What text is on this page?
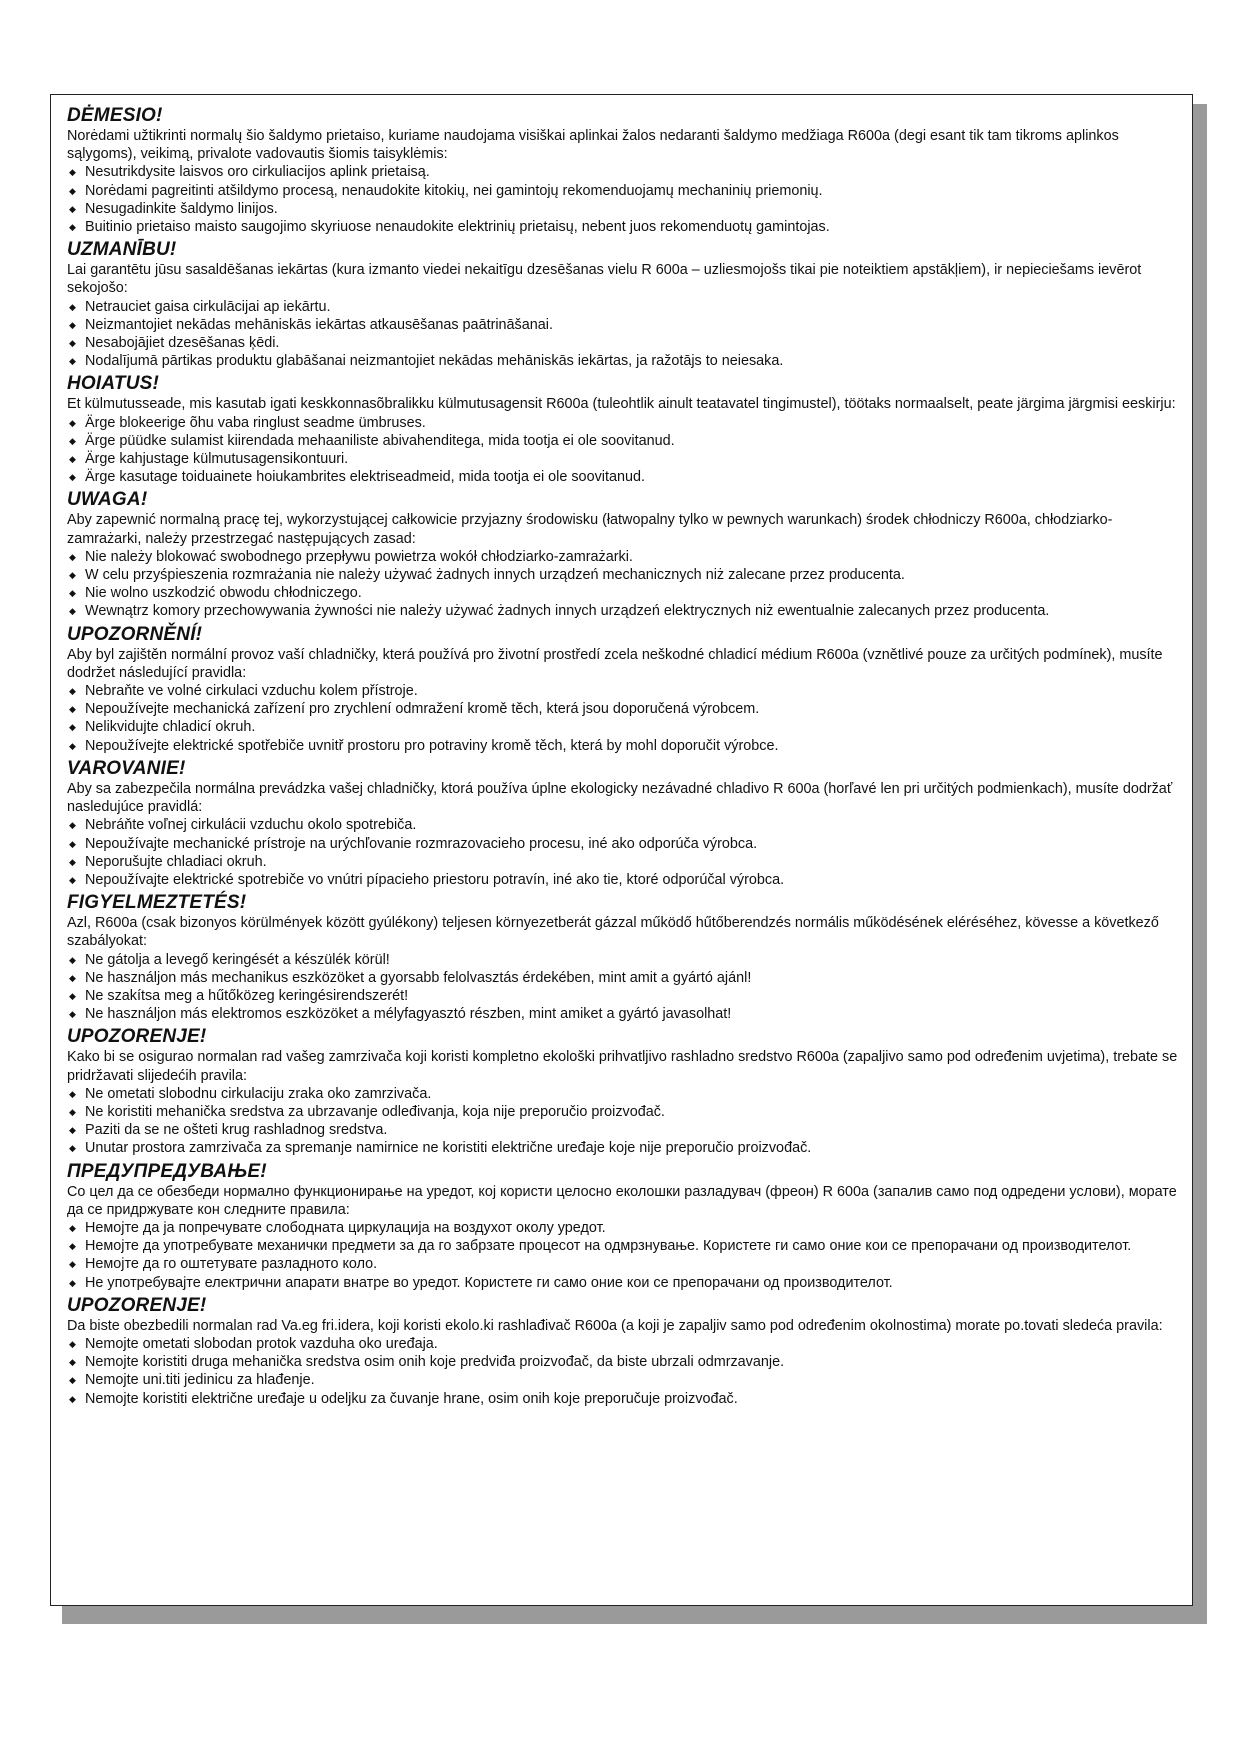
DĖMESIO!

Norėdami užtikrinti normalų šio šaldymo prietaiso, kuriame naudojama visiškai aplinkai žalos nedaranti šaldymo medžiaga R600a (degi esant tik tam tikroms aplinkos sąlygoms), veikimą, privalote vadovautis šiomis taisyklėmis:

◆ Nesutrikdysite laisvos oro cirkuliacijos aplink prietaisą.
◆ Norėdami pagreitinti atšildymo procesą, nenaudokite kitokių, nei gamintojų rekomenduojamų mechaninių priemonių.
◆ Nesugadinkite šaldymo linijos.
◆ Buitinio prietaiso maisto saugojimo skyriuose nenaudokite elektrinių prietaisų, nebent juos rekomenduotų gamintojas.
UZMANĪBU!

Lai garantētu jūsu sasaldēšanas iekārtas (kura izmanto viedei nekaitīgu dzesēšanas vielu R 600a – uzliesmojošs tikai pie noteiktiem apstākļiem), ir nepieciešams ievērot sekojošo:

◆ Netrauciet gaisa cirkulācijai ap iekārtu.
◆ Neizmantojiet nekādas mehāniskās iekārtas atkausēšanas paātrināšanai.
◆ Nesabojājiet dzesēšanas ķēdi.
◆ Nodalījumā pārtikas produktu glabāšanai neizmantojiet nekādas mehāniskās iekārtas, ja ražotājs to neiesaka.
HOIATUS!

Et külmutusseade, mis kasutab igati keskkonnasõbralikku külmutusagensit R600a (tuleohtlik ainult teatavatel tingimustel), töötaks normaalselt, peate järgima järgmisi eeskirju:

◆ Ärge blokeerige õhu vaba ringlust seadme ümbruses.
◆ Ärge püüdke sulamist kiirendada mehaaniliste abivahenditega, mida tootja ei ole soovitanud.
◆ Ärge kahjustage külmutusagensikontuuri.
◆ Ärge kasutage toiduainete hoiukambrites elektriseadmeid, mida tootja ei ole soovitanud.
UWAGA!

Aby zapewnić normalną pracę tej, wykorzystującej całkowicie przyjazny środowisku (łatwopalny tylko w pewnych warunkach) środek chłodniczy R600a, chłodziarko-zamrażarki, należy przestrzegać następujących zasad:

◆ Nie należy blokować swobodnego przepływu powietrza wokół chłodziarko-zamrażarki.
◆ W celu przyśpieszenia rozmrażania nie należy używać żadnych innych urządzeń mechanicznych niż zalecane przez producenta.
◆ Nie wolno uszkodzić obwodu chłodniczego.
◆ Wewnątrz komory przechowywania żywności nie należy używać żadnych innych urządzeń elektrycznych niż ewentualnie zalecanych przez producenta.
UPOZORNĚNÍ!

Aby byl zajištěn normální provoz vaší chladničky, která používá pro životní prostředí zcela neškodné chladicí médium R600a (vznětlivé pouze za určitých podmínek), musíte dodržet následující pravidla:

◆ Nebraňte ve volné cirkulaci vzduchu kolem přístroje.
◆ Nepoužívejte mechanická zařízení pro zrychlení odmražení kromě těch, která jsou doporučená výrobcem.
◆ Nelikvidujte chladicí okruh.
◆ Nepoužívejte elektrické spotřebiče uvnitř prostoru pro potraviny kromě těch, která by mohl doporučit výrobce.
VAROVANIE!

Aby sa zabezpečila normálna prevádzka vašej chladničky, ktorá používa úplne ekologicky nezávadné chladivo R 600a (horľavé len pri určitých podmienkach), musíte dodržať nasledujúce pravidlá:

◆ Nebráňte voľnej cirkulácii vzduchu okolo spotrebiča.
◆ Nepoužívajte mechanické prístroje na urýchľovanie rozmrazovacieho procesu, iné ako odporúča výrobca.
◆ Neporušujte chladiaci okruh.
◆ Nepoužívajte elektrické spotrebiče vo vnútri pípacieho priestoru potravín, iné ako tie, ktoré odporúčal výrobca.
FIGYELMEZTETÉS!

Azl, R600a (csak bizonyos körülmények között gyúlékony) teljesen környezetberát gázzal működő hűtőberendzés normális működésének eléréséhez, kövesse a következő szabályokat:

◆ Ne gátolja a levegő keringését a készülék körül!
◆ Ne használjon más mechanikus eszközöket a gyorsabb felolvasztás érdekében, mint amit a gyártó ajánl!
◆ Ne szakítsa meg a hűtőközeg keringésirendszerét!
◆ Ne használjon más elektromos eszközöket a mélyfagyasztó részben, mint amiket a gyártó javasolhat!
UPOZORENJE!

Kako bi se osigurao normalan rad vašeg zamrzivača koji koristi kompletno ekološki prihvatljivo rashladno sredstvo R600a (zapaljivo samo pod određenim uvjetima), trebate se pridržavati slijedećih pravila:

◆ Ne ometati slobodnu cirkulaciju zraka oko zamrzivača.
◆ Ne koristiti mehanička sredstva za ubrzavanje odleđivanja, koja nije preporučio proizvođač.
◆ Paziti da se ne ošteti krug rashladnog sredstva.
◆ Unutar prostora zamrzivača za spremanje namirnice ne koristiti električne uređaje koje nije preporučio proizvođač.
ПРЕДУПРЕДУВАЊЕ!

Со цел да се обезбеди нормално функционирање на уредот, кој користи целосно еколошки разладувач (фреон) R 600a (запалив само под одредени услови), морате да се придржувате кон следните правила:

◆ Немојте да ја попречувате слободната циркулација на воздухот околу уредот.
◆ Немојте да употребувате механички предмети за да го забрзате процесот на одмрзнување. Користете ги само оние кои се препорачани од производителот.
◆ Немојте да го оштетувате разладното коло.
◆ Не употребувајте електрични апарати внатре во уредот. Користете ги само оние кои се препорачани од производителот.
UPOZORENJE!

Da biste obezbedili normalan rad Va.eg fri.idera, koji koristi ekolo.ki rashlađivač R600a (a koji je zapaljiv samo pod određenim okolnostima) morate po.tovati sledeća pravila:

◆ Nemojte ometati slobodan protok vazduha oko uređaja.
◆ Nemojte koristiti druga mehanička sredstva osim onih koje predviđa proizvođač, da biste ubrzali odmrzavanje.
◆ Nemojte uni.titi jedinicu za hlađenje.
◆ Nemojte koristiti električne uređaje u odeljku za čuvanje hrane, osim onih koje preporučuje proizvođač.
